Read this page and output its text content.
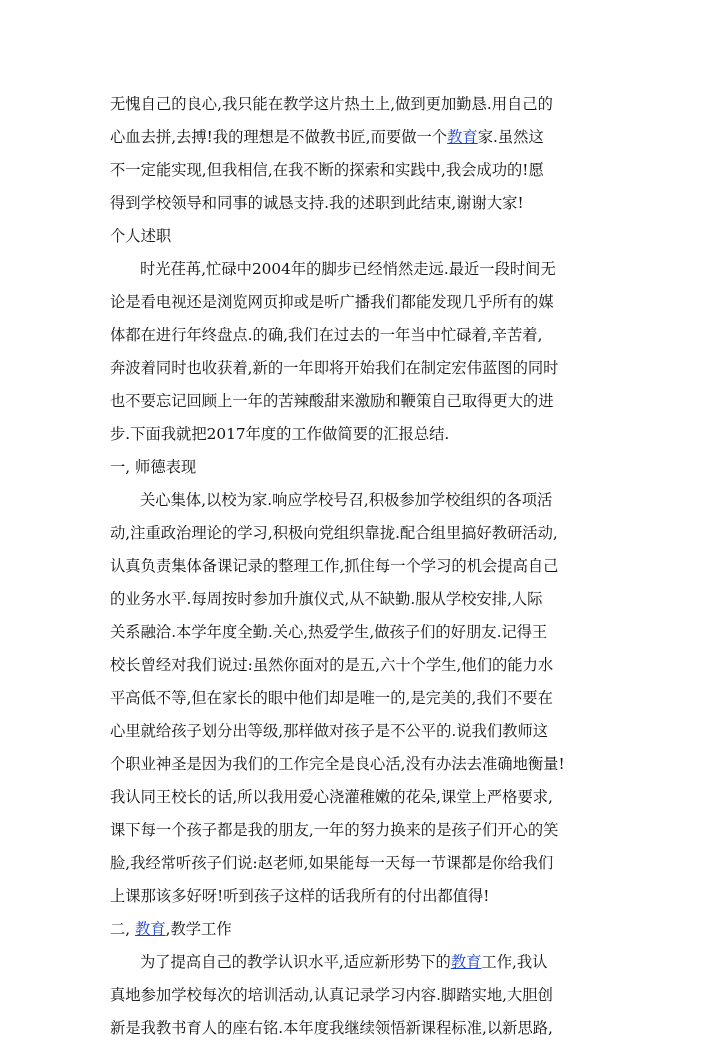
无愧自己的良心,我只能在教学这片热土上,做到更加勤恳.用自己的
心血去拼,去搏!我的理想是不做教书匠,而要做一个教育家.虽然这
不一定能实现,但我相信,在我不断的探索和实践中,我会成功的!愿
得到学校领导和同事的诚恳支持.我的述职到此结束,谢谢大家!
个人述职
时光荏苒,忙碌中2004年的脚步已经悄然走远.最近一段时间无
论是看电视还是浏览网页抑或是听广播我们都能发现几乎所有的媒
体都在进行年终盘点.的确,我们在过去的一年当中忙碌着,辛苦着,
奔波着同时也收获着,新的一年即将开始我们在制定宏伟蓝图的同时
也不要忘记回顾上一年的苦辣酸甜来激励和鞭策自己取得更大的进
步.下面我就把2017年度的工作做简要的汇报总结.
一, 师德表现
关心集体,以校为家.响应学校号召,积极参加学校组织的各项活
动,注重政治理论的学习,积极向党组织靠拢.配合组里搞好教研活动,
认真负责集体备课记录的整理工作,抓住每一个学习的机会提高自己
的业务水平.每周按时参加升旗仪式,从不缺勤.服从学校安排,人际
关系融洽.本学年度全勤.关心,热爱学生,做孩子们的好朋友.记得王
校长曾经对我们说过:虽然你面对的是五,六十个学生,他们的能力水
平高低不等,但在家长的眼中他们却是唯一的,是完美的,我们不要在
心里就给孩子划分出等级,那样做对孩子是不公平的.说我们教师这
个职业神圣是因为我们的工作完全是良心活,没有办法去准确地衡量!
我认同王校长的话,所以我用爱心浇灌稚嫩的花朵,课堂上严格要求,
课下每一个孩子都是我的朋友,一年的努力换来的是孩子们开心的笑
脸,我经常听孩子们说:赵老师,如果能每一天每一节课都是你给我们
上课那该多好呀!听到孩子这样的话我所有的付出都值得!
二, 教育,教学工作
为了提高自己的教学认识水平,适应新形势下的教育工作,我认
真地参加学校每次的培训活动,认真记录学习内容.脚踏实地,大胆创
新是我教书育人的座右铭.本年度我继续领悟新课程标准,以新思路,
